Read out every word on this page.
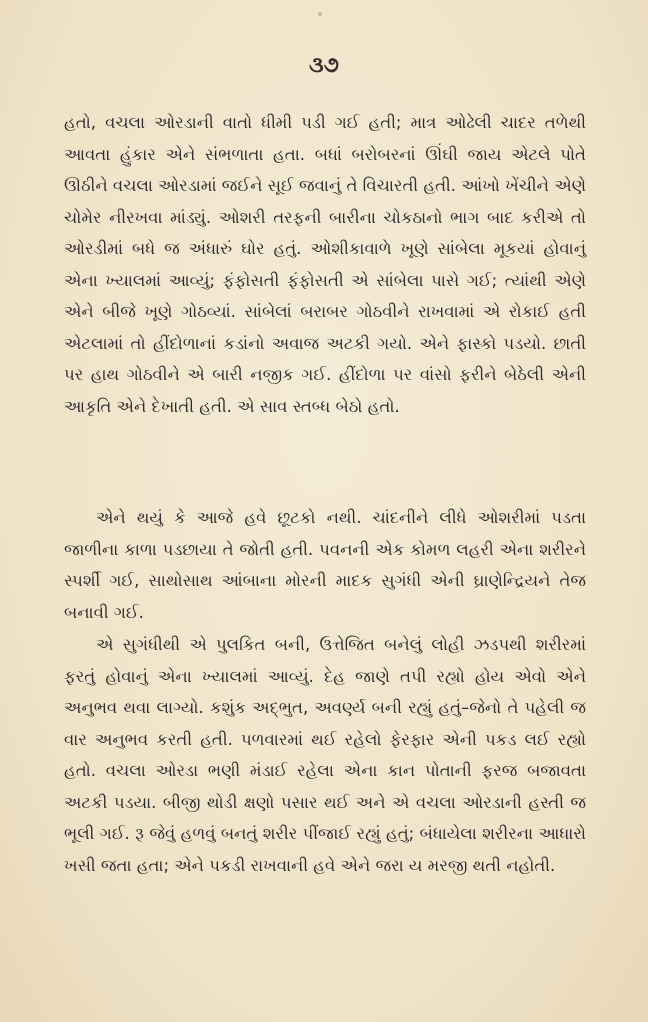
૩૭

હતો, વચલા ઓરડાની વાતો ધીમી પડી ગઈ હતી; માત્ર ઓઢેલી ચાદર તળેથી આવતા હુંકાર એને સંભળાતા હતા. બધાં બરોબરનાં ઊંઘી જાય એટલે પોતે ઊઠીને વચલા ઓરડામાં જઈને સૂઈ જવાનું તે વિચારતી હતી. આંખો ખેંચીને એણે ચોમેર નીરખવા માંડ્યું. ઓશરી તરફની બારીના ચોકઠાનો ભાગ બાદ કરીએ તો ઓરડીમાં બધે જ અંધારું ઘોર હતું. ઓશીકાવાળે ખૂણે સાંબેલા મૂકયાં હોવાનું એના ખ્યાલમાં આવ્યું; ફંફોસતી ફંફોસતી એ સાંબેલા પાસે ગઈ; ત્યાંથી એણે એને બીજે ખૂણે ગોઠવ્યાં. સાંબેલાં બરાબર ગોઠવીને રાખવામાં એ રોકાઈ હતી એટલામાં તો હીંદોળાનાં કડાંનો અવાજ અટકી ગયો. એને ફાસ્કો પડયો. છાતી પર હાથ ગોઠવીને એ બારી નજીક ગઈ. હીંદોળા પર વાંસો ફરીને બેઠેલી એની આકૃતિ એને દેખાતી હતી. એ સાવ સ્તબ્ધ બેઠો હતો.

એને થયું કે આજે હવે છૂટકો નથી. ચાંદનીને લીધે ઓશરીમાં પડતા જાળીના કાળા પડછાયા તે જોતી હતી. પવનની એક કોમળ લહરી એના શરીરને સ્પર્શી ગઈ, સાથોસાથ આંબાના મોરની માદક સુગંધી એની ઘ્રાણેન્દ્રિયને તેજ બનાવી ગઈ.

એ સુગંધીથી એ પુલકિત બની, ઉત્તેજિત બનેલું લોહી ઝડપથી શરીરમાં ફરતું હોવાનું એના ખ્યાલમાં આવ્યું. દેહ જાણે તપી રહ્યો હોય એવો એને અનુભવ થવા લાગ્યો. કશુંક અદ્ભુત, અવર્ણ્ય બની રહ્યું હતું–જેનો તે પહેલી જ વાર અનુભવ કરતી હતી. પળવારમાં થઈ રહેલો ફેરફાર એની પકડ લઈ રહ્યો હતો. વચલા ઓરડા ભણી મંડાઈ રહેલા એના કાન પોતાની ફરજ બજાવતા અટકી પડયા. બીજી થોડી ક્ષણો પસાર થઈ અને એ વચલા ઓરડાની હસ્તી જ ભૂલી ગઈ. રૂ જેવું હળવું બનતું શરીર પીંજાઈ રહ્યું હતું; બંધાયેલા શરીરના આધારો ખસી જતા હતા; એને પકડી રાખવાની હવે એને જરા ય મરજી થતી નહોતી.
